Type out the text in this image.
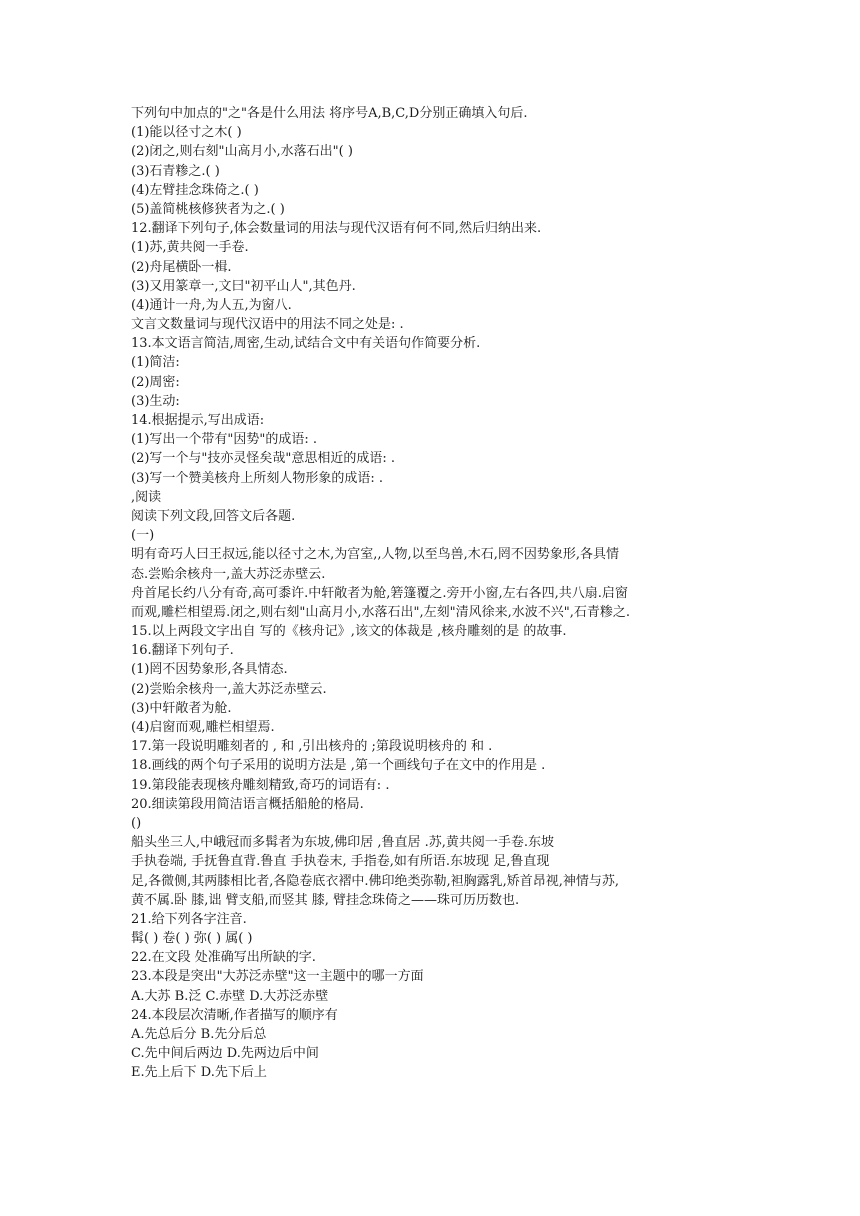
下列句中加点的"之"各是什么用法 将序号A,B,C,D分别正确填入句后.
(1)能以径寸之木( )
(2)闭之,则右刻"山高月小,水落石出"( )
(3)石青糁之.( )
(4)左臂挂念珠倚之.( )
(5)盖简桃核修狭者为之.( )
12.翻译下列句子,体会数量词的用法与现代汉语有何不同,然后归纳出来.
(1)苏,黄共阅一手卷.
(2)舟尾横卧一楫.
(3)又用篆章一,文曰"初平山人",其色丹.
(4)通计一舟,为人五,为窗八.
文言文数量词与现代汉语中的用法不同之处是: .
13.本文语言简洁,周密,生动,试结合文中有关语句作简要分析.
(1)简洁:
(2)周密:
(3)生动:
14.根据提示,写出成语:
(1)写出一个带有"因势"的成语: .
(2)写一个与"技亦灵怪矣哉"意思相近的成语: .
(3)写一个赞美核舟上所刻人物形象的成语: .
,阅读
阅读下列文段,回答文后各题.
(一)
明有奇巧人曰王叔远,能以径寸之木,为宫室,,人物,以至鸟兽,木石,罔不因势象形,各具情
态.尝贻余核舟一,盖大苏泛赤壁云.
舟首尾长约八分有奇,高可黍许.中轩敞者为舱,箬篷覆之.旁开小窗,左右各四,共八扇.启窗
而观,雕栏相望焉.闭之,则右刻"山高月小,水落石出",左刻"清风徐来,水波不兴",石青糁之.
15.以上两段文字出自 写的《核舟记》,该文的体裁是 ,核舟雕刻的是 的故事.
16.翻译下列句子.
(1)罔不因势象形,各具情态.
(2)尝贻余核舟一,盖大苏泛赤壁云.
(3)中轩敞者为舱.
(4)启窗而观,雕栏相望焉.
17.第一段说明雕刻者的 , 和 ,引出核舟的 ;第段说明核舟的 和 .
18.画线的两个句子采用的说明方法是 ,第一个画线句子在文中的作用是 .
19.第段能表现核舟雕刻精致,奇巧的词语有: .
20.细读第段用简洁语言概括船舱的格局.
()
船头坐三人,中峨冠而多髯者为东坡,佛印居 ,鲁直居 .苏,黄共阅一手卷.东坡
手执卷端, 手抚鲁直背.鲁直 手执卷末, 手指卷,如有所语.东坡现 足,鲁直现
足,各微侧,其两膝相比者,各隐卷底衣褶中.佛印绝类弥勒,袒胸露乳,矫首昂视,神情与苏,
黄不属.卧 膝,诎 臂支船,而竖其 膝, 臂挂念珠倚之——珠可历历数也.
21.给下列各字注音.
髯( ) 卷( ) 弥( ) 属( )
22.在文段 处准确写出所缺的字.
23.本段是突出"大苏泛赤壁"这一主题中的哪一方面
A.大苏 B.泛 C.赤壁 D.大苏泛赤壁
24.本段层次清晰,作者描写的顺序有
A.先总后分 B.先分后总
C.先中间后两边 D.先两边后中间
E.先上后下 D.先下后上
